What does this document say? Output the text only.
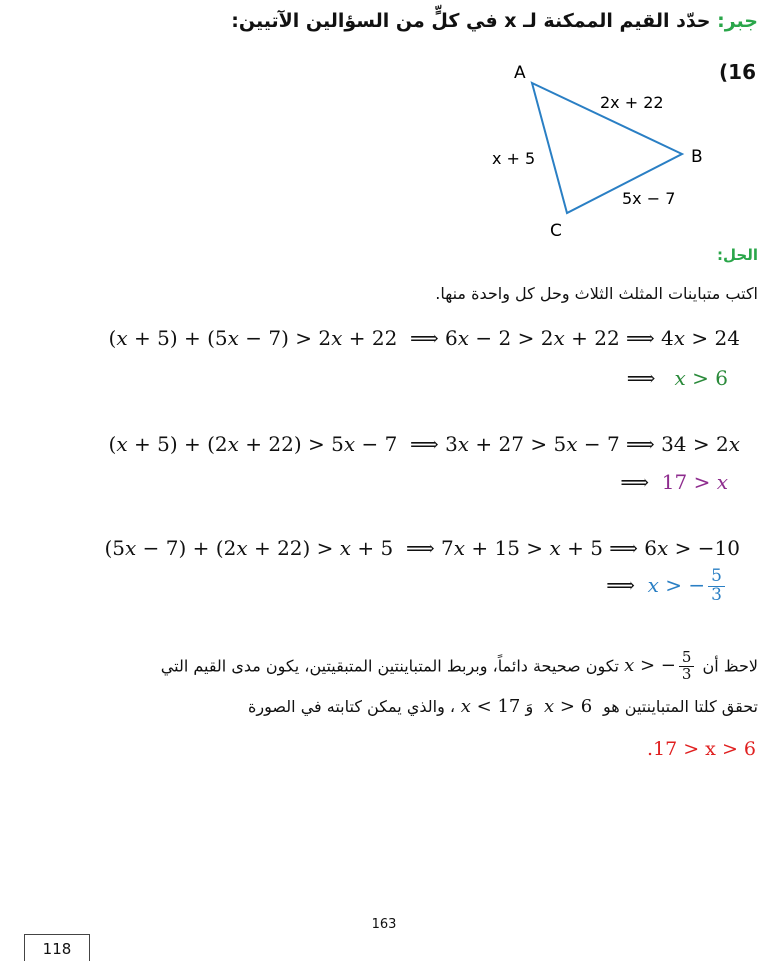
جبر: حدّد القيم الممكنة لـ x في كلٍّ من السؤالين الآتيين:
(16
A
B
C
2x + 22
5x − 7
x + 5
الحل:
اكتب متباينات المثلث الثلاث وحل كل واحدة منها.
(x + 5) + (5x − 7) > 2x + 22  ⟹ 6x − 2 > 2x + 22 ⟹ 4x > 24
⟹   x > 6
(x + 5) + (2x + 22) > 5x − 7  ⟹ 3x + 27 > 5x − 7 ⟹ 34 > 2x
⟹  17 > x
(5x − 7) + (2x + 22) > x + 5  ⟹ 7x + 15 > x + 5 ⟹ 6x > −10
⟹  x > − $\frac{5}{3}$
لاحظ أن x > − $\frac{5}{3}$
تكون صحيحة دائماً، وبربط المتباينتين المتبقيتين، يكون مدى القيم التي
تحقق كلتا المتباينتين هو  x > 6  وَ  x < 17، والذي يمكن كتابته في الصورة
.17 > x > 6
163
118
